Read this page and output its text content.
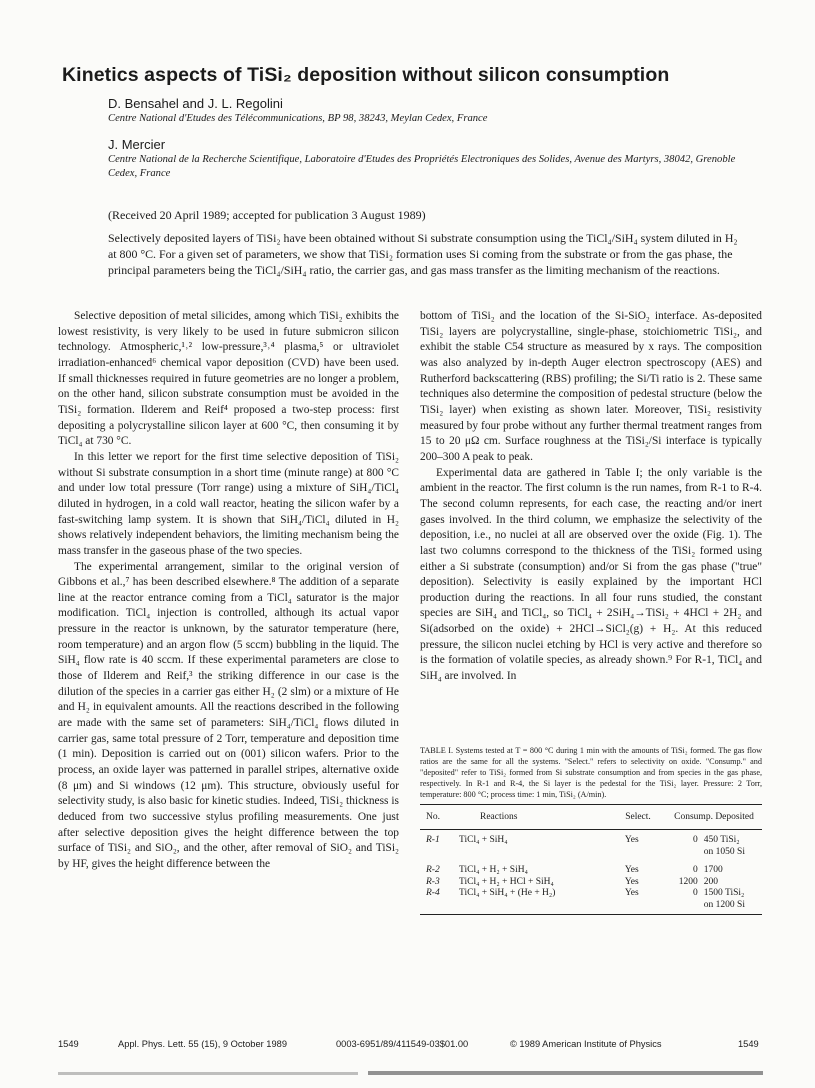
Kinetics aspects of TiSi₂ deposition without silicon consumption
D. Bensahel and J. L. Regolini
Centre National d'Etudes des Télécommunications, BP 98, 38243, Meylan Cedex, France
J. Mercier
Centre National de la Recherche Scientifique, Laboratoire d'Etudes des Propriétés Electroniques des Solides, Avenue des Martyrs, 38042, Grenoble Cedex, France
(Received 20 April 1989; accepted for publication 3 August 1989)
Selectively deposited layers of TiSi₂ have been obtained without Si substrate consumption using the TiCl₄/SiH₄ system diluted in H₂ at 800 °C. For a given set of parameters, we show that TiSi₂ formation uses Si coming from the substrate or from the gas phase, the principal parameters being the TiCl₄/SiH₄ ratio, the carrier gas, and gas mass transfer as the limiting mechanism of the reactions.

Selective deposition of metal silicides, among which TiSi₂ exhibits the lowest resistivity, is very likely to be used in future submicron silicon technology. Atmospheric,¹˒² low-pressure,³˒⁴ plasma,⁵ or ultraviolet irradiation-enhanced⁶ chemical vapor deposition (CVD) have been used. If small thicknesses required in future geometries are no longer a problem, on the other hand, silicon substrate consumption must be avoided in the TiSi₂ formation. Ilderem and Reif⁴ proposed a two-step process: first depositing a polycrystalline silicon layer at 600 °C, then consuming it by TiCl₄ at 730 °C.

In this letter we report for the first time selective deposition of TiSi₂ without Si substrate consumption in a short time (minute range) at 800 °C and under low total pressure (Torr range) using a mixture of SiH₄/TiCl₄ diluted in hydrogen, in a cold wall reactor, heating the silicon wafer by a fast-switching lamp system. It is shown that SiH₄/TiCl₄ diluted in H₂ shows relatively independent behaviors, the limiting mechanism being the mass transfer in the gaseous phase of the two species.

The experimental arrangement, similar to the original version of Gibbons et al.,⁷ has been described elsewhere.⁸ The addition of a separate line at the reactor entrance coming from a TiCl₄ saturator is the major modification. TiCl₄ injection is controlled, although its actual vapor pressure in the reactor is unknown, by the saturator temperature (here, room temperature) and an argon flow (5 sccm) bubbling in the liquid. The SiH₄ flow rate is 40 sccm. If these experimental parameters are close to those of Ilderem and Reif,³ the striking difference in our case is the dilution of the species in a carrier gas either H₂ (2 slm) or a mixture of He and H₂ in equivalent amounts. All the reactions described in the following are made with the same set of parameters: SiH₄/TiCl₄ flows diluted in carrier gas, same total pressure of 2 Torr, temperature and deposition time (1 min). Deposition is carried out on (001) silicon wafers. Prior to the process, an oxide layer was patterned in parallel stripes, alternative oxide (8 μm) and Si windows (12 μm). This structure, obviously useful for selectivity study, is also basic for kinetic studies. Indeed, TiSi₂ thickness is deduced from two successive stylus profiling measurements. One just after selective deposition gives the height difference between the top surface of TiSi₂ and SiO₂, and the other, after removal of SiO₂ and TiSi₂ by HF, gives the height difference between the

bottom of TiSi₂ and the location of the Si-SiO₂ interface. As-deposited TiSi₂ layers are polycrystalline, single-phase, stoichiometric TiSi₂, and exhibit the stable C54 structure as measured by x rays. The composition was also analyzed by in-depth Auger electron spectroscopy (AES) and Rutherford backscattering (RBS) profiling; the Si/Ti ratio is 2. These same techniques also determine the composition of pedestal structure (below the TiSi₂ layer) when existing as shown later. Moreover, TiSi₂ resistivity measured by four probe without any further thermal treatment ranges from 15 to 20 μΩ cm. Surface roughness at the TiSi₂/Si interface is typically 200–300 A peak to peak.

Experimental data are gathered in Table I; the only variable is the ambient in the reactor. The first column is the run names, from R-1 to R-4. The second column represents, for each case, the reacting and/or inert gases involved. In the third column, we emphasize the selectivity of the deposition, i.e., no nuclei at all are observed over the oxide (Fig. 1). The last two columns correspond to the thickness of the TiSi₂ formed using either a Si substrate (consumption) and/or Si from the gas phase ("true" deposition). Selectivity is easily explained by the important HCl production during the reactions. In all four runs studied, the constant species are SiH₄ and TiCl₄, so TiCl₄ + 2SiH₄→TiSi₂ + 4HCl + 2H₂ and Si(adsorbed on the oxide) + 2HCl→SiCl₂(g) + H₂. At this reduced pressure, the silicon nuclei etching by HCl is very active and therefore so is the formation of volatile species, as already shown.⁹ For R-1, TiCl₄ and SiH₄ are involved. In

TABLE I. Systems tested at T = 800 °C during 1 min with the amounts of TiSi₂ formed. The gas flow ratios are the same for all the systems. "Select." refers to selectivity on oxide. "Consump." and "deposited" refer to TiSi₂ formed from Si substrate consumption and from species in the gas phase, respectively. In R-1 and R-4, the Si layer is the pedestal for the TiSi₂ layer. Pressure: 2 Torr, temperature: 800 °C; process time: 1 min, TiSi₂ (A/min).
No.	Reactions	Select.	Consump. Deposited
R-1	TiCl₄ + SiH₄	Yes	0 450 TiSi₂
on 1050 Si
R-2	TiCl₄ + H₂ + SiH₄	Yes	0 1700
R-3	TiCl₄ + H₂ + HCl + SiH₄	Yes	1200 200
R-4	TiCl₄ + SiH₄ + (He + H₂)	Yes	0 1500 TiSi₂
on 1200 Si
1549	Appl. Phys. Lett. 55 (15), 9 October 1989	0003-6951/89/411549-03$01.00	© 1989 American Institute of Physics	1549
